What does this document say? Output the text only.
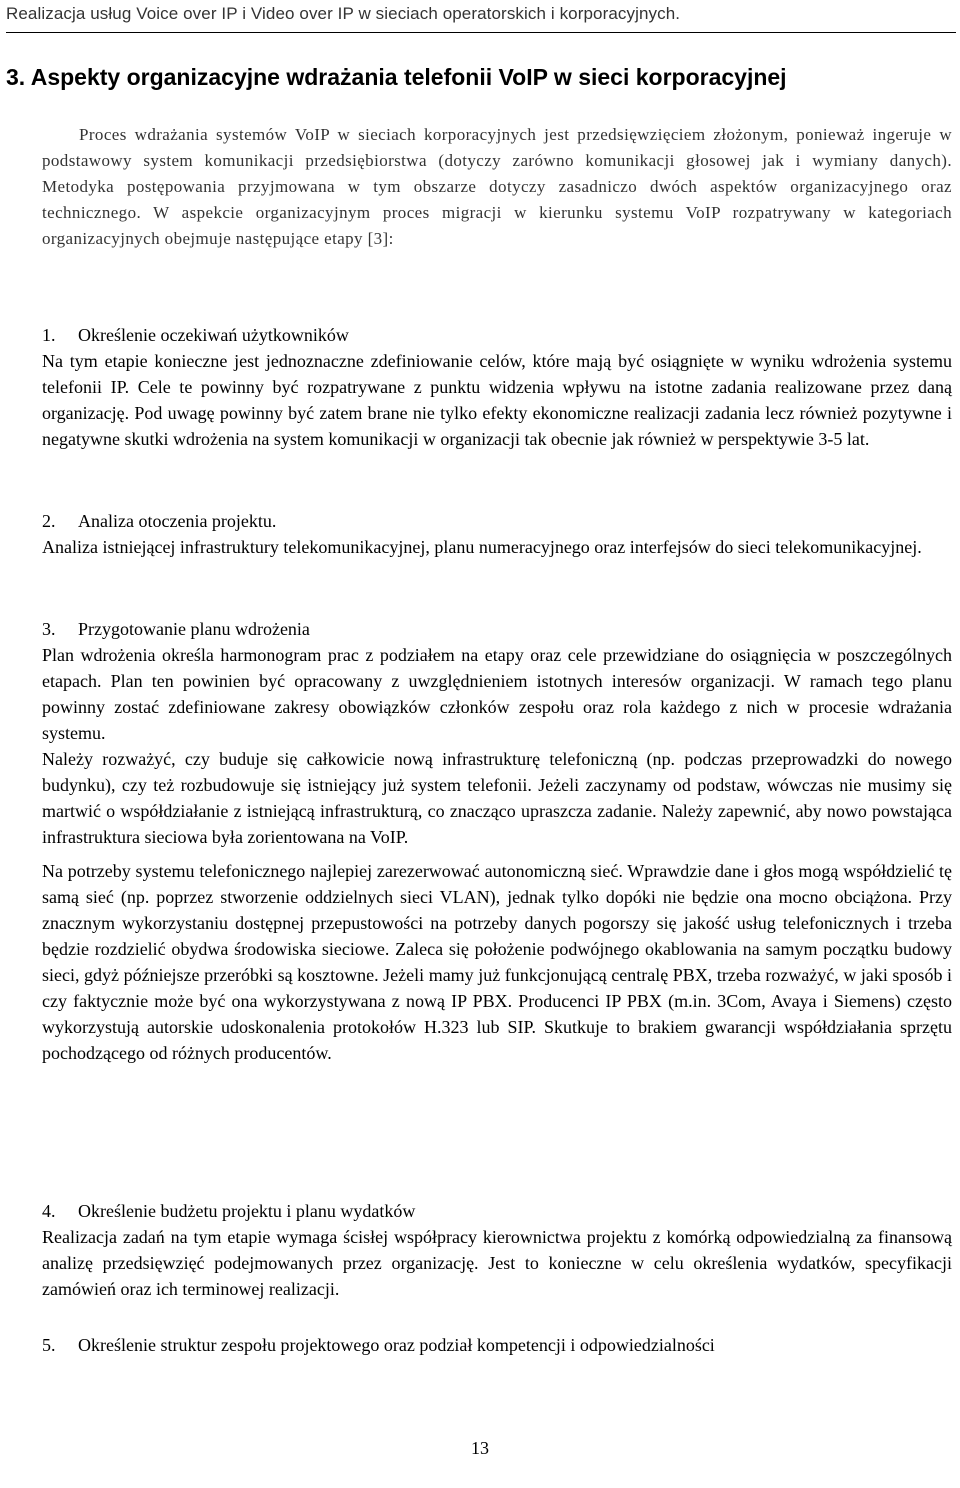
Realizacja usług Voice over IP i Video over IP w sieciach operatorskich i korporacyjnych.
3. Aspekty organizacyjne wdrażania telefonii VoIP w sieci korporacyjnej

Proces wdrażania systemów VoIP w sieciach korporacyjnych jest przedsięwzięciem złożonym, ponieważ ingeruje w podstawowy system komunikacji przedsiębiorstwa (dotyczy zarówno komunikacji głosowej jak i wymiany danych). Metodyka postępowania przyjmowana w tym obszarze dotyczy zasadniczo dwóch aspektów organizacyjnego oraz technicznego. W aspekcie organizacyjnym proces migracji w kierunku systemu VoIP rozpatrywany w kategoriach organizacyjnych obejmuje następujące etapy [3]:

1. Określenie oczekiwań użytkowników

Na tym etapie konieczne jest jednoznaczne zdefiniowanie celów, które mają być osiągnięte w wyniku wdrożenia systemu telefonii IP. Cele te powinny być rozpatrywane z punktu widzenia wpływu na istotne zadania realizowane przez daną organizację. Pod uwagę powinny być zatem brane nie tylko efekty ekonomiczne realizacji zadania lecz również pozytywne i negatywne skutki wdrożenia na system komunikacji w organizacji tak obecnie jak również w perspektywie 3-5 lat.

2. Analiza otoczenia projektu.

Analiza istniejącej infrastruktury telekomunikacyjnej, planu numeracyjnego oraz interfejsów do sieci telekomunikacyjnej.

3. Przygotowanie planu wdrożenia

Plan wdrożenia określa harmonogram prac z podziałem na etapy oraz cele przewidziane do osiągnięcia w poszczególnych etapach. Plan ten powinien być opracowany z uwzględnieniem istotnych interesów organizacji. W ramach tego planu powinny zostać zdefiniowane zakresy obowiązków członków zespołu oraz rola każdego z nich w procesie wdrażania systemu.

Należy rozważyć, czy buduje się całkowicie nową infrastrukturę telefoniczną (np. podczas przeprowadzki do nowego budynku), czy też rozbudowuje się istniejący już system telefonii. Jeżeli zaczynamy od podstaw, wówczas nie musimy się martwić o współdziałanie z istniejącą infrastrukturą, co znacząco upraszcza zadanie. Należy zapewnić, aby nowo powstająca infrastruktura sieciowa była zorientowana na VoIP.

Na potrzeby systemu telefonicznego najlepiej zarezerwować autonomiczną sieć. Wprawdzie dane i głos mogą współdzielić tę samą sieć (np. poprzez stworzenie oddzielnych sieci VLAN), jednak tylko dopóki nie będzie ona mocno obciążona. Przy znacznym wykorzystaniu dostępnej przepustowości na potrzeby danych pogorszy się jakość usług telefonicznych i trzeba będzie rozdzielić obydwa środowiska sieciowe. Zaleca się położenie podwójnego okablowania na samym początku budowy sieci, gdyż późniejsze przeróbki są kosztowne. Jeżeli mamy już funkcjonującą centralę PBX, trzeba rozważyć, w jaki sposób i czy faktycznie może być ona wykorzystywana z nową IP PBX. Producenci IP PBX (m.in. 3Com, Avaya i Siemens) często wykorzystują autorskie udoskonalenia protokołów H.323 lub SIP. Skutkuje to brakiem gwarancji współdziałania sprzętu pochodzącego od różnych producentów.

4. Określenie budżetu projektu i planu wydatków

Realizacja zadań na tym etapie wymaga ścisłej współpracy kierownictwa projektu z komórką odpowiedzialną za finansową analizę przedsięwzięć podejmowanych przez organizację. Jest to konieczne w celu określenia wydatków, specyfikacji zamówień oraz ich terminowej realizacji.

5. Określenie struktur zespołu projektowego oraz podział kompetencji i odpowiedzialności

13
